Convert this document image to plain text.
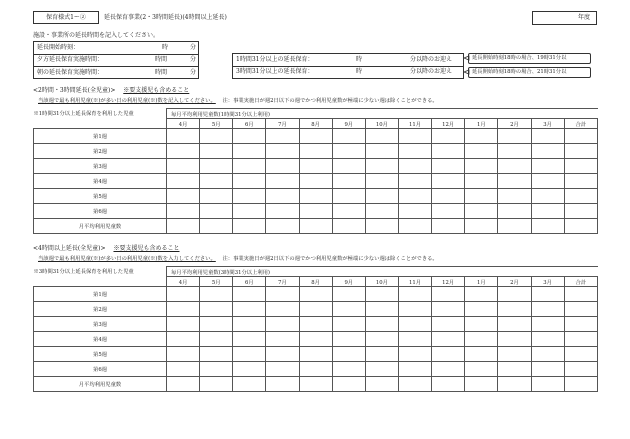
保育様式1ー②	延長保育事業(2・3時間延長)(4時間以上延長)	年度
施設・事業所の延長時間を記入してください。
延長開始時刻：	時	分
夕方延長保育実施時間：	時間	分
朝の延長保育実施時間：	時間	分
1時間31分以上の延長保育：	時	分以降のお迎え
3時間31分以上の延長保育：	時	分以降のお迎え
延長開始時刻18時の場合、19時31分以
延長開始時刻18時の場合、21時31分以
<2時間・3時間延長(全児童)> ※要支援児も含めること
当該週で最も利用児童(※)が多い日の利用児童(※)数を記入してください。 注：事業実施日が週2日以下の週でかつ利用児童数が極端に少ない週は除くことができる。
※1時間31分以上延長保育を利用した児童	毎月平均利用児童数(1時間31分以上利用)												
	4月	5月	6月	7月	8月	9月	10月	11月	12月	1月	2月	3月	合計
第1週													
第2週													
第3週													
第4週													
第5週													
第6週													
月平均利用児童数													
<4時間以上延長(全児童)> ※要支援児も含めること
当該週で最も利用児童(※)が多い日の利用児童(※)数を入力してください。 注：事業実施日が週2日以下の週でかつ利用児童数が極端に少ない週は除くことができる。
※3時間31分以上延長保育を利用した児童	毎月平均利用児童数(3時間31分以上利用)												
	4月	5月	6月	7月	8月	9月	10月	11月	12月	1月	2月	3月	合計
第1週													
第2週													
第3週													
第4週													
第5週													
第6週													
月平均利用児童数													
